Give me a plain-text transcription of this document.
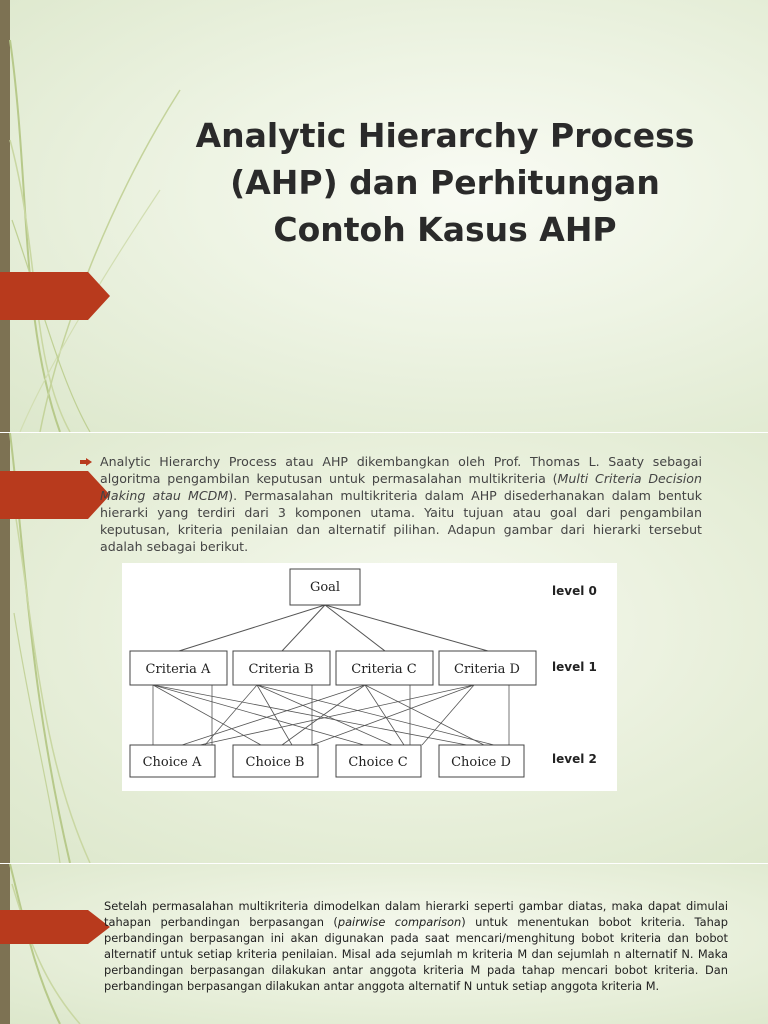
Analytic Hierarchy Process
(AHP) dan Perhitungan
Contoh Kasus AHP

Analytic Hierarchy Process atau AHP dikembangkan oleh Prof. Thomas L. Saaty sebagai algoritma pengambilan keputusan untuk permasalahan multikriteria (Multi Criteria Decision Making atau MCDM). Permasalahan multikriteria dalam AHP disederhanakan dalam bentuk hierarki yang terdiri dari 3 komponen utama. Yaitu tujuan atau goal dari pengambilan keputusan, kriteria penilaian dan alternatif pilihan. Adapun gambar dari hierarki tersebut adalah sebagai berikut.

Goal
Criteria A	Criteria B	Criteria C	Criteria D
Choice A	Choice B	Choice C	Choice D
level 0
level 1
level 2

Setelah permasalahan multikriteria dimodelkan dalam hierarki seperti gambar diatas, maka dapat dimulai tahapan perbandingan berpasangan (pairwise comparison) untuk menentukan bobot kriteria. Tahap perbandingan berpasangan ini akan digunakan pada saat mencari/menghitung bobot kriteria dan bobot alternatif untuk setiap kriteria penilaian. Misal ada sejumlah m kriteria M dan sejumlah n alternatif N. Maka perbandingan berpasangan dilakukan antar anggota kriteria M pada tahap mencari bobot kriteria. Dan perbandingan berpasangan dilakukan antar anggota alternatif N untuk setiap anggota kriteria M.
